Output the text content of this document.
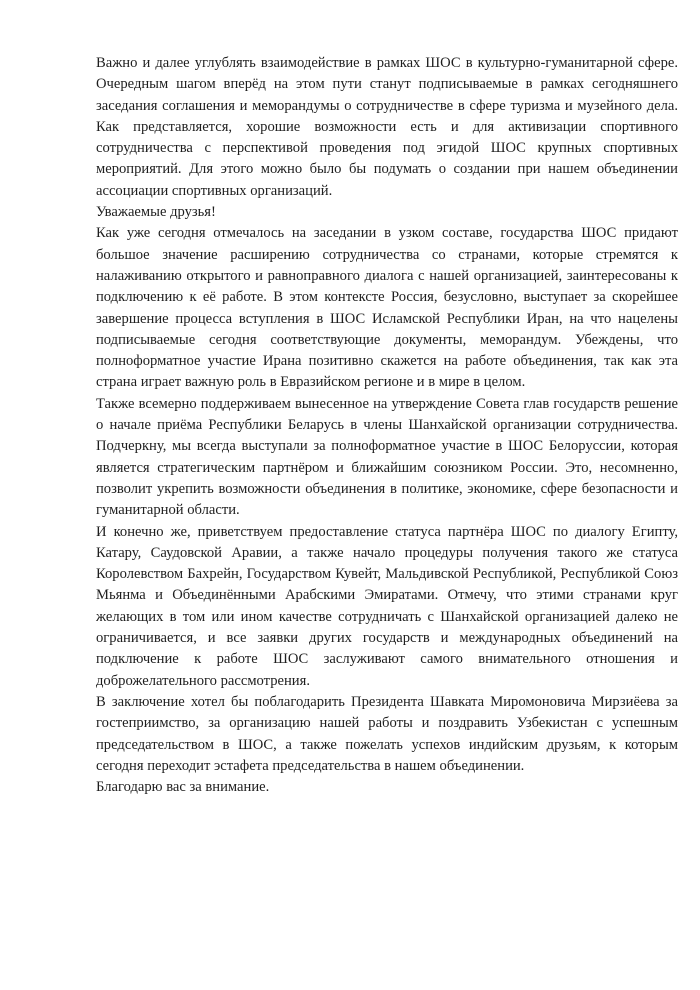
Важно и далее углублять взаимодействие в рамках ШОС в культурно-гуманитарной сфере. Очередным шагом вперёд на этом пути станут подписываемые в рамках сегодняшнего заседания соглашения и меморандумы о сотрудничестве в сфере туризма и музейного дела. Как представляется, хорошие возможности есть и для активизации спортивного сотрудничества с перспективой проведения под эгидой ШОС крупных спортивных мероприятий. Для этого можно было бы подумать о создании при нашем объединении ассоциации спортивных организаций.

Уважаемые друзья!

Как уже сегодня отмечалось на заседании в узком составе, государства ШОС придают большое значение расширению сотрудничества со странами, которые стремятся к налаживанию открытого и равноправного диалога с нашей организацией, заинтересованы к подключению к её работе. В этом контексте Россия, безусловно, выступает за скорейшее завершение процесса вступления в ШОС Исламской Республики Иран, на что нацелены подписываемые сегодня соответствующие документы, меморандум. Убеждены, что полноформатное участие Ирана позитивно скажется на работе объединения, так как эта страна играет важную роль в Евразийском регионе и в мире в целом.

Также всемерно поддерживаем вынесенное на утверждение Совета глав государств решение о начале приёма Республики Беларусь в члены Шанхайской организации сотрудничества. Подчеркну, мы всегда выступали за полноформатное участие в ШОС Белоруссии, которая является стратегическим партнёром и ближайшим союзником России. Это, несомненно, позволит укрепить возможности объединения в политике, экономике, сфере безопасности и гуманитарной области.

И конечно же, приветствуем предоставление статуса партнёра ШОС по диалогу Египту, Катару, Саудовской Аравии, а также начало процедуры получения такого же статуса Королевством Бахрейн, Государством Кувейт, Мальдивской Республикой, Республикой Союз Мьянма и Объединёнными Арабскими Эмиратами. Отмечу, что этими странами круг желающих в том или ином качестве сотрудничать с Шанхайской организацией далеко не ограничивается, и все заявки других государств и международных объединений на подключение к работе ШОС заслуживают самого внимательного отношения и доброжелательного рассмотрения.

В заключение хотел бы поблагодарить Президента Шавката Миромоновича Мирзиёева за гостеприимство, за организацию нашей работы и поздравить Узбекистан с успешным председательством в ШОС, а также пожелать успехов индийским друзьям, к которым сегодня переходит эстафета председательства в нашем объединении.

Благодарю вас за внимание.
